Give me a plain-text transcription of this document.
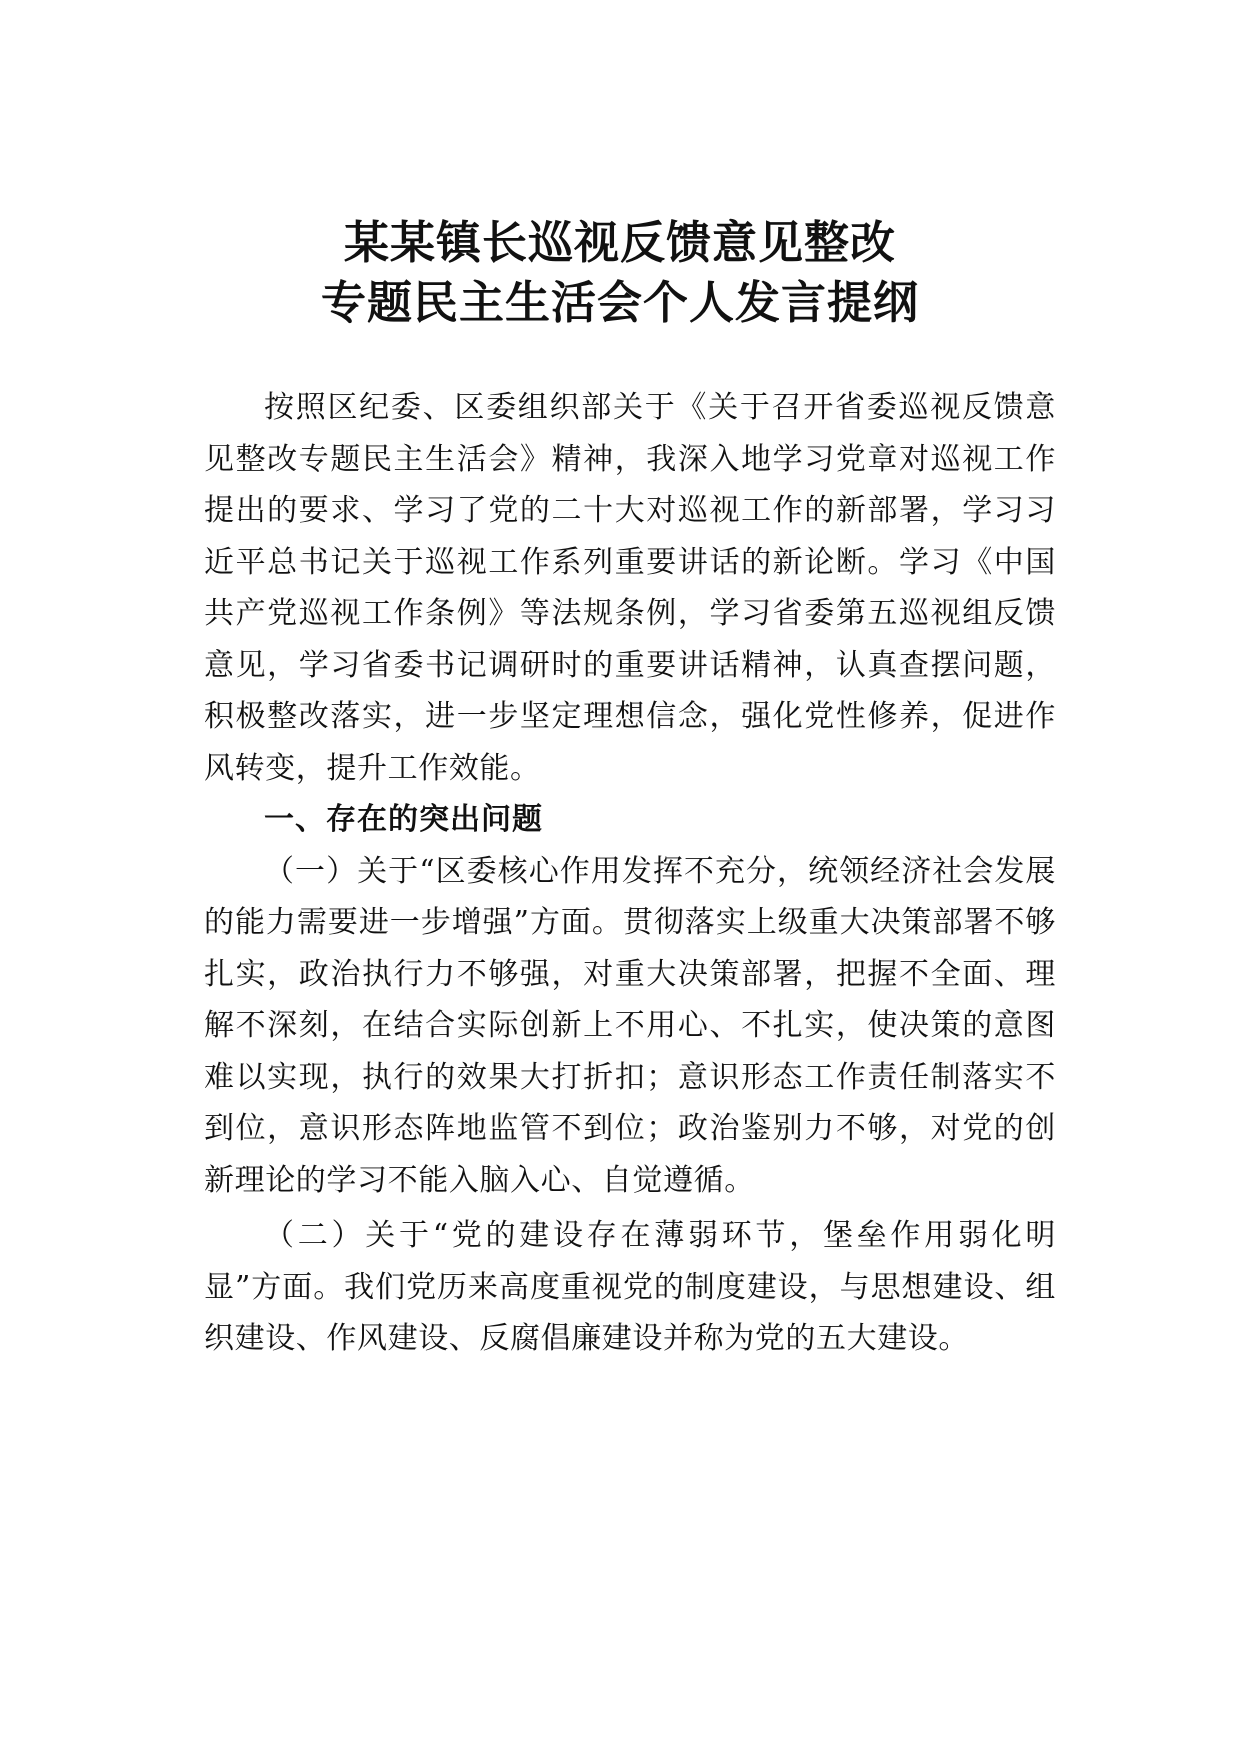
某某镇长巡视反馈意见整改
专题民主生活会个人发言提纲

按照区纪委、区委组织部关于《关于召开省委巡视反馈意见整改专题民主生活会》精神，我深入地学习党章对巡视工作提出的要求、学习了党的二十大对巡视工作的新部署，学习习近平总书记关于巡视工作系列重要讲话的新论断。学习《中国共产党巡视工作条例》等法规条例，学习省委第五巡视组反馈意见，学习省委书记调研时的重要讲话精神，认真查摆问题，积极整改落实，进一步坚定理想信念，强化党性修养，促进作风转变，提升工作效能。

一、存在的突出问题

（一）关于“区委核心作用发挥不充分，统领经济社会发展的能力需要进一步增强”方面。贯彻落实上级重大决策部署不够扎实，政治执行力不够强，对重大决策部署，把握不全面、理解不深刻，在结合实际创新上不用心、不扎实，使决策的意图难以实现，执行的效果大打折扣；意识形态工作责任制落实不到位，意识形态阵地监管不到位；政治鉴别力不够，对党的创新理论的学习不能入脑入心、自觉遵循。

（二）关于“党的建设存在薄弱环节，堡垒作用弱化明显”方面。我们党历来高度重视党的制度建设，与思想建设、组织建设、作风建设、反腐倡廉建设并称为党的五大建设。
